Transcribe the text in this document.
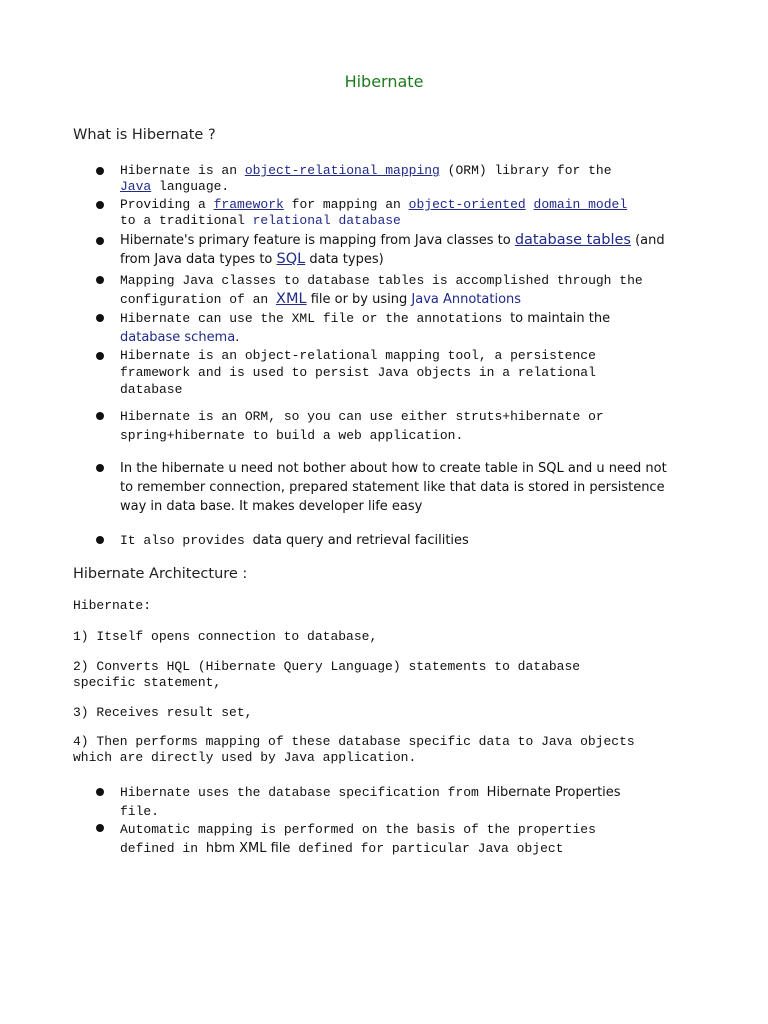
Hibernate
What is Hibernate ?
Hibernate is an object-relational mapping (ORM) library for the
Java language.
Providing a framework for mapping an object-oriented domain model
to a traditional relational database
Hibernate's primary feature is mapping from Java classes to database tables (and
from Java data types to SQL data types)
Mapping Java classes to database tables is accomplished through the
configuration of an XML file or by using Java Annotations
Hibernate can use the XML file or the annotations to maintain the
database schema.
Hibernate is an object-relational mapping tool, a persistence
framework and is used to persist Java objects in a relational
database
Hibernate is an ORM, so you can use either struts+hibernate or
spring+hibernate to build a web application.
In the hibernate u need not bother about how to create table in SQL and u need not
to remember connection, prepared statement like that data is stored in persistence
way in data base. It makes developer life easy
It also provides data query and retrieval facilities
Hibernate Architecture :
Hibernate:
1) Itself opens connection to database,
2) Converts HQL (Hibernate Query Language) statements to database
specific statement,
3) Receives result set,
4) Then performs mapping of these database specific data to Java objects
which are directly used by Java application.
Hibernate uses the database specification from Hibernate Properties
file.
Automatic mapping is performed on the basis of the properties
defined in hbm XML file defined for particular Java object
